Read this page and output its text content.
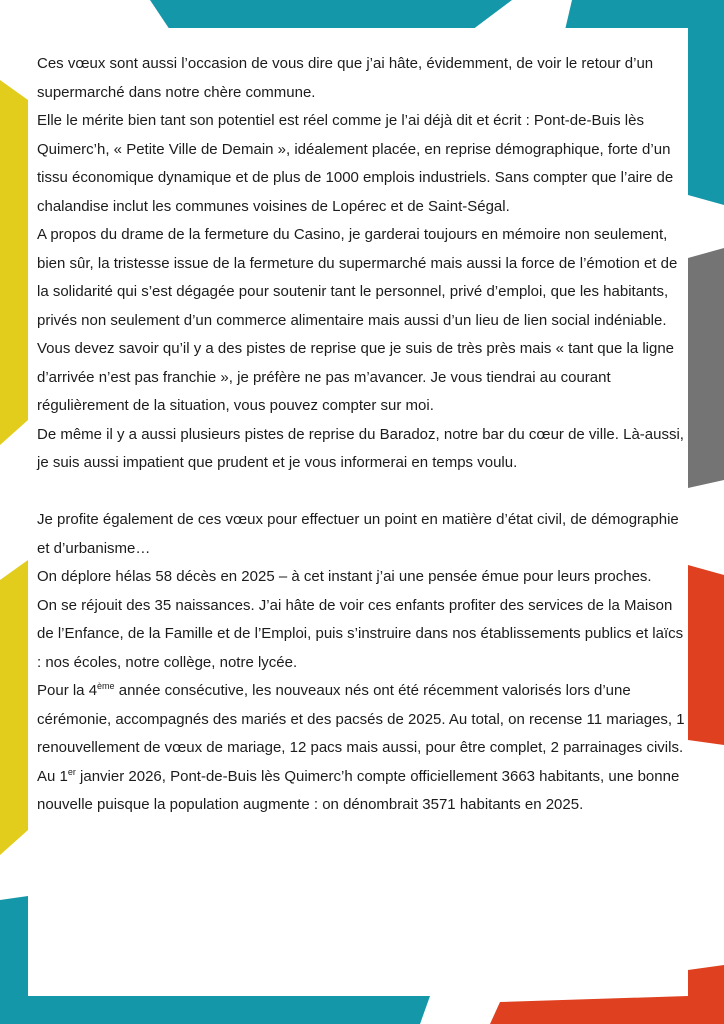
Ces vœux sont aussi l’occasion de vous dire que j’ai hâte, évidemment, de voir le retour d’un supermarché dans notre chère commune.

Elle le mérite bien tant son potentiel est réel comme je l’ai déjà dit et écrit : Pont-de-Buis lès Quimerc’h, « Petite Ville de Demain », idéalement placée, en reprise démographique, forte d’un tissu économique dynamique et de plus de 1000 emplois industriels. Sans compter que l’aire de chalandise inclut les communes voisines de Lopérec et de Saint-Ségal.

A propos du drame de la fermeture du Casino, je garderai toujours en mémoire non seulement, bien sûr, la tristesse issue de la fermeture du supermarché mais aussi la force de l’émotion et de la solidarité qui s’est dégagée pour soutenir tant le personnel, privé d’emploi, que les habitants, privés non seulement d’un commerce alimentaire mais aussi d’un lieu de lien social indéniable.

Vous devez savoir qu’il y a des pistes de reprise que je suis de très près mais « tant que la ligne d’arrivée n’est pas franchie », je préfère ne pas m’avancer. Je vous tiendrai au courant régulièrement de la situation, vous pouvez compter sur moi.

De même il y a aussi plusieurs pistes de reprise du Baradoz, notre bar du cœur de ville. Là-aussi, je suis aussi impatient que prudent et je vous informerai en temps voulu.

Je profite également de ces vœux pour effectuer un point en matière d’état civil, de démographie et d’urbanisme…

On déplore hélas 58 décès en 2025 – à cet instant j’ai une pensée émue pour leurs proches.

On se réjouit des 35 naissances. J’ai hâte de voir ces enfants profiter des services de la Maison de l’Enfance, de la Famille et de l’Emploi, puis s’instruire dans nos établissements publics et laïcs : nos écoles, notre collège, notre lycée.

Pour la 4ème année consécutive, les nouveaux nés ont été récemment valorisés lors d’une cérémonie, accompagnés des mariés et des pacsés de 2025. Au total, on recense 11 mariages, 1 renouvellement de vœux de mariage, 12 pacs mais aussi, pour être complet, 2 parrainages civils.

Au 1er janvier 2026, Pont-de-Buis lès Quimerc’h compte officiellement 3663 habitants, une bonne nouvelle puisque la population augmente : on dénombrait 3571 habitants en 2025.
